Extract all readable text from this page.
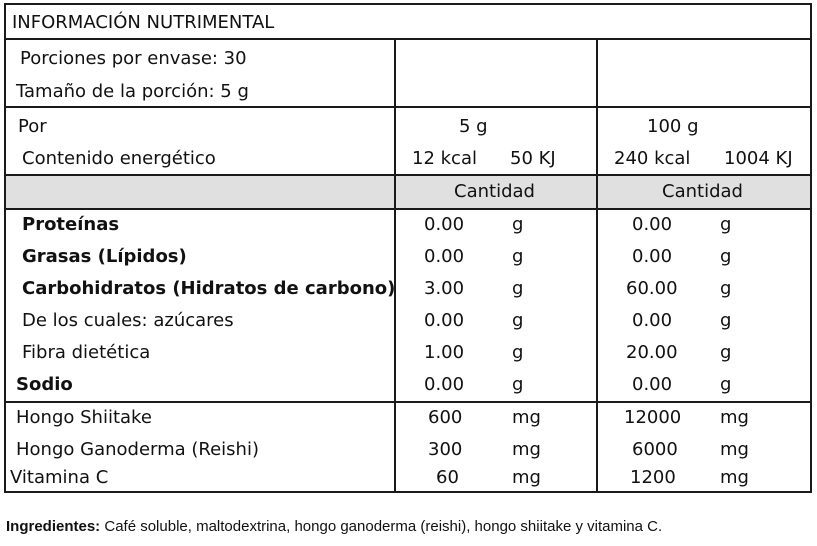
INFORMACIÓN NUTRIMENTAL
Porciones por envase: 30
Tamaño de la porción: 5 g
Por	5 g	100 g
Contenido energético	12 kcal 50 KJ	240 kcal 1004 KJ
Cantidad	Cantidad
Proteínas	0.00	g	0.00	g
Grasas (Lípidos)	0.00	g	0.00	g
Carbohidratos (Hidratos de carbono) 3.00	g	60.00 g
De los cuales: azúcares	0.00	g	0.00	g
Fibra dietética	1.00	g	20.00 g
Sodio	0.00	g	0.00	g
Hongo Shiitake	600	mg	12000 mg
Hongo Ganoderma (Reishi)	300	mg	6000 mg
Vitamina C	60	mg	1200 mg
Ingredientes: Café soluble, maltodextrina, hongo ganoderma (reishi), hongo shiitake y vitamina C.
